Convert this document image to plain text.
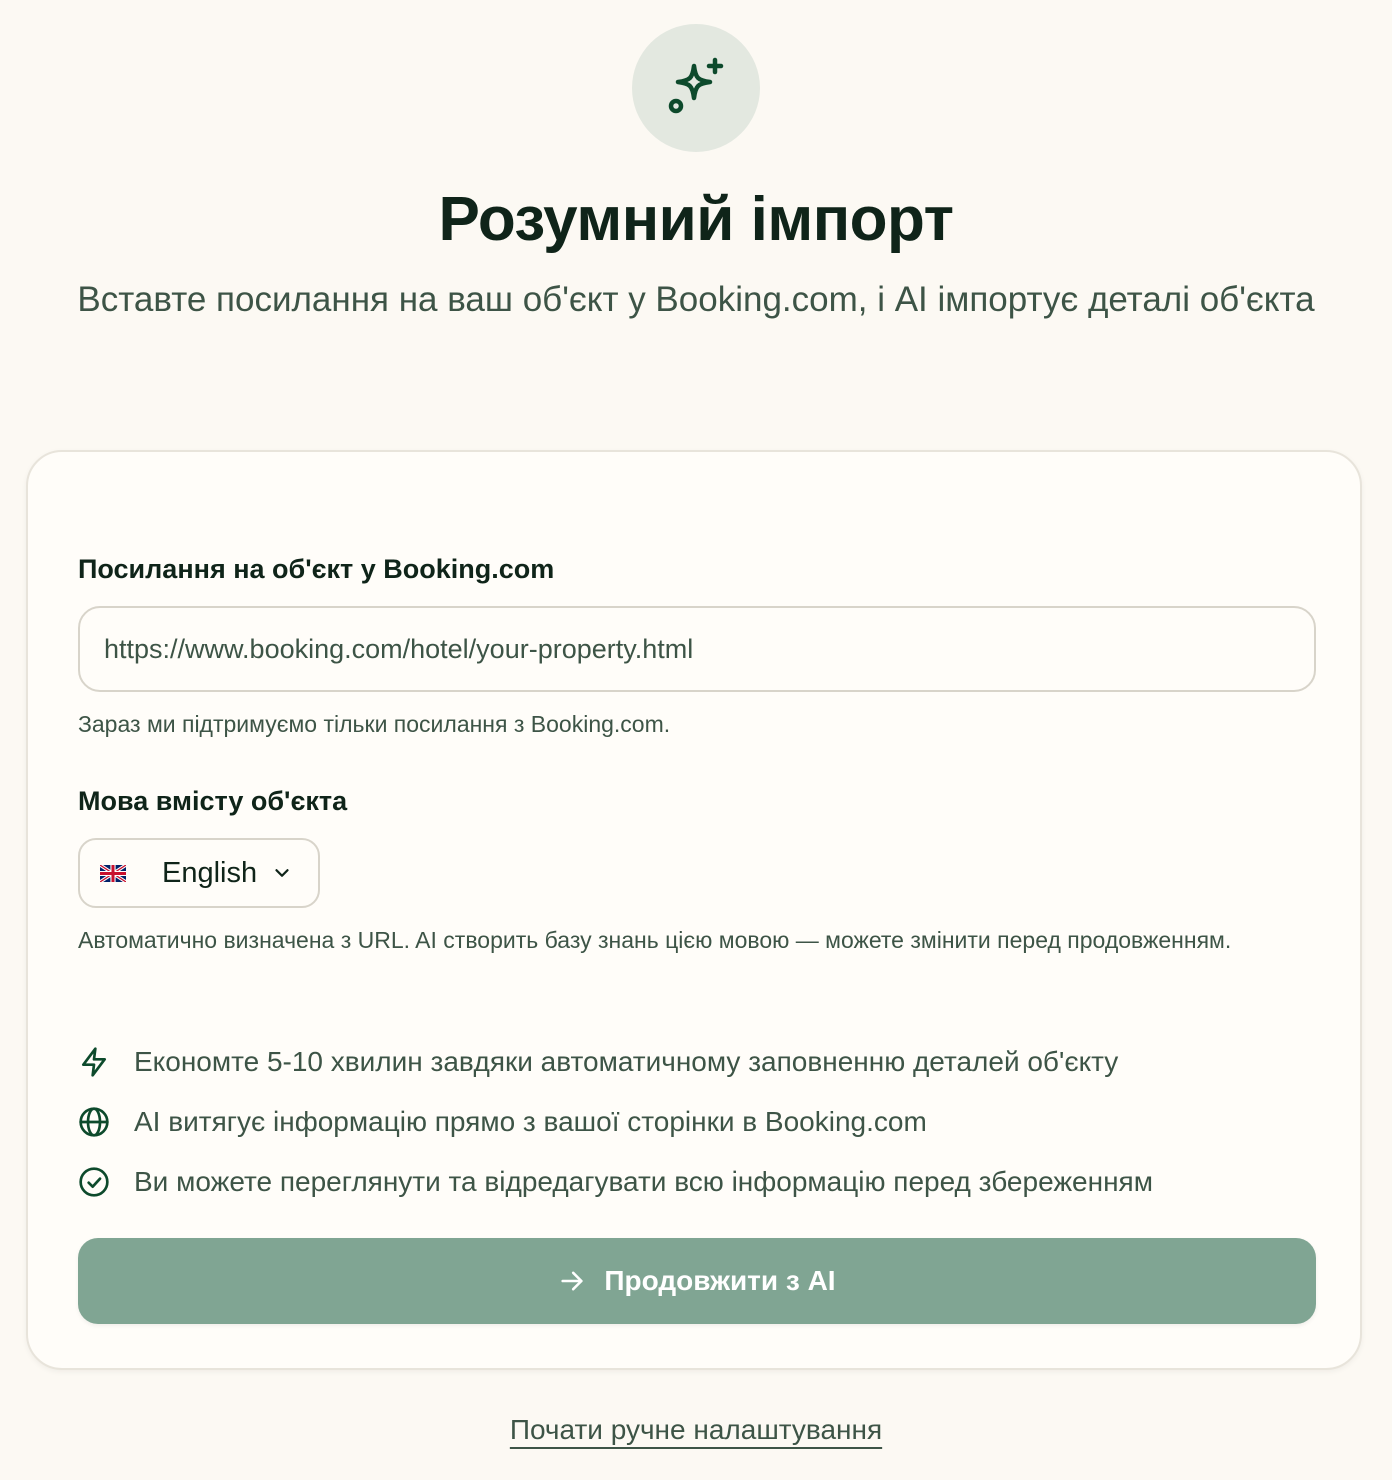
Розумний імпорт

Вставте посилання на ваш об'єкт у Booking.com, і AI імпортує деталі об'єкта

Посилання на об'єкт у Booking.com
https://www.booking.com/hotel/your-property.html
Зараз ми підтримуємо тільки посилання з Booking.com.
Мова вмісту об'єкта
English
Автоматично визначена з URL. AI створить базу знань цією мовою — можете змінити перед продовженням.
Економте 5-10 хвилин завдяки автоматичному заповненню деталей об'єкту
AI витягує інформацію прямо з вашої сторінки в Booking.com
Ви можете переглянути та відредагувати всю інформацію перед збереженням
Продовжити з AI
Почати ручне налаштування
